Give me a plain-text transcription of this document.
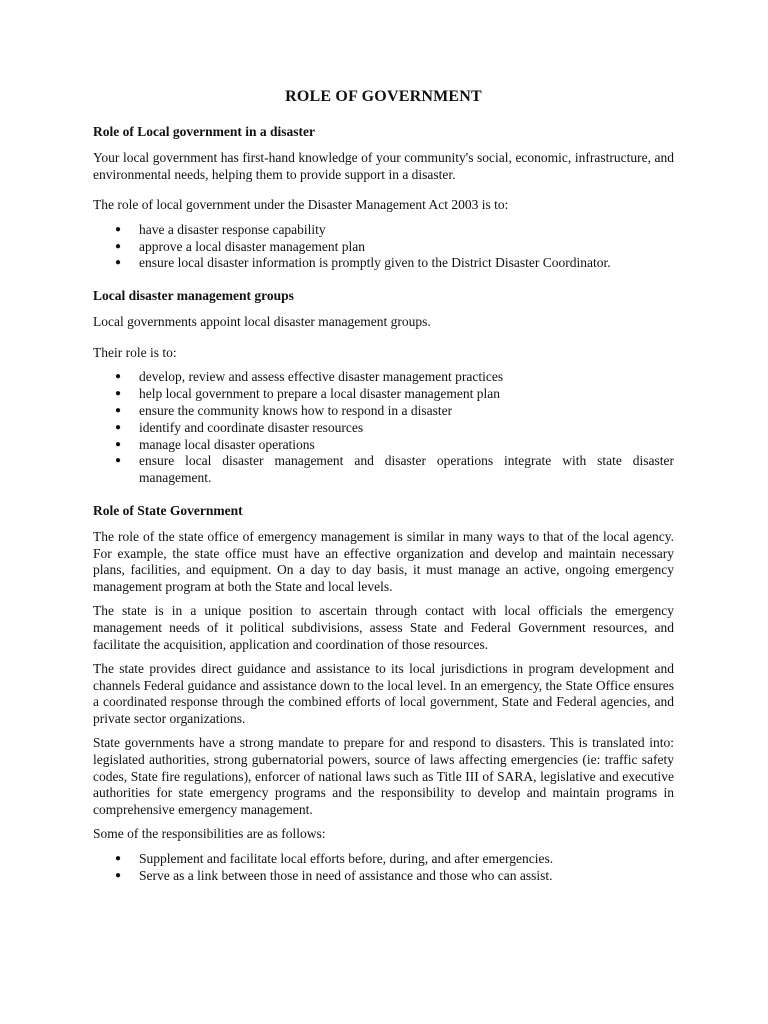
ROLE OF GOVERNMENT
Role of Local government in a disaster

Your local government has first-hand knowledge of your community's social, economic, infrastructure, and environmental needs, helping them to provide support in a disaster.

The role of local government under the Disaster Management Act 2003 is to:

● have a disaster response capability
● approve a local disaster management plan
● ensure local disaster information is promptly given to the District Disaster Coordinator.
Local disaster management groups

Local governments appoint local disaster management groups.

Their role is to:

● develop, review and assess effective disaster management practices
● help local government to prepare a local disaster management plan
● ensure the community knows how to respond in a disaster
● identify and coordinate disaster resources
● manage local disaster operations
● ensure local disaster management and disaster operations integrate with state disaster management.
Role of State Government

The role of the state office of emergency management is similar in many ways to that of the local agency. For example, the state office must have an effective organization and develop and maintain necessary plans, facilities, and equipment. On a day to day basis, it must manage an active, ongoing emergency management program at both the State and local levels.

The state is in a unique position to ascertain through contact with local officials the emergency management needs of it political subdivisions, assess State and Federal Government resources, and facilitate the acquisition, application and coordination of those resources.

The state provides direct guidance and assistance to its local jurisdictions in program development and channels Federal guidance and assistance down to the local level. In an emergency, the State Office ensures a coordinated response through the combined efforts of local government, State and Federal agencies, and private sector organizations.

State governments have a strong mandate to prepare for and respond to disasters. This is translated into: legislated authorities, strong gubernatorial powers, source of laws affecting emergencies (ie: traffic safety codes, State fire regulations), enforcer of national laws such as Title III of SARA, legislative and executive authorities for state emergency programs and the responsibility to develop and maintain programs in comprehensive emergency management.

Some of the responsibilities are as follows:

● Supplement and facilitate local efforts before, during, and after emergencies.
● Serve as a link between those in need of assistance and those who can assist.
